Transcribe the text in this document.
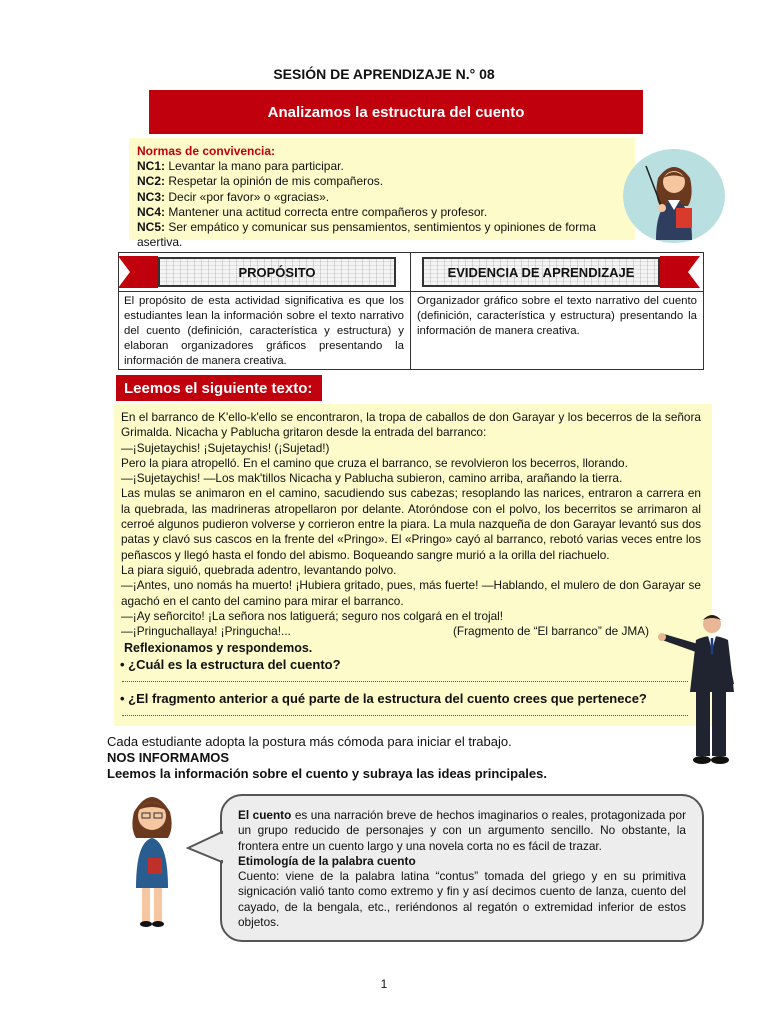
SESIÓN DE APRENDIZAJE N.° 08
Analizamos la estructura del cuento
Normas de convivencia:
NC1: Levantar la mano para participar.
NC2: Respetar la opinión de mis compañeros.
NC3: Decir «por favor» o «gracias».
NC4: Mantener una actitud correcta entre compañeros y profesor.
NC5: Ser empático y comunicar sus pensamientos, sentimientos y opiniones de forma asertiva.
PROPÓSITO	EVIDENCIA DE APRENDIZAJE
El propósito de esta actividad significativa es que los estudiantes lean la información sobre el texto narrativo del cuento (definición, característica y estructura) y elaboran organizadores gráficos presentando la información de manera creativa.
Organizador gráfico sobre el texto narrativo del cuento (definición, característica y estructura) presentando la información de manera creativa.
Leemos el siguiente texto:

En el barranco de K'ello-k'ello se encontraron, la tropa de caballos de don Garayar y los becerros de la señora Grimalda. Nicacha y Pablucha gritaron desde la entrada del barranco:

—¡Sujetaychis! ¡Sujetaychis! (¡Sujetad!)

Pero la piara atropelló. En el camino que cruza el barranco, se revolvieron los becerros, llorando.

—¡Sujetaychis! —Los mak'tillos Nicacha y Pablucha subieron, camino arriba, arañando la tierra.

Las mulas se animaron en el camino, sacudiendo sus cabezas; resoplando las narices, entraron a carrera en la quebrada, las madrineras atropellaron por delante. Atoróndose con el polvo, los becerritos se arrimaron al cerroé algunos pudieron volverse y corrieron entre la piara. La mula nazqueña de don Garayar levantó sus dos patas y clavó sus cascos en la frente del «Pringo». El «Pringo» cayó al barranco, rebotó varias veces entre los peñascos y llegó hasta el fondo del abismo. Boqueando sangre murió a la orilla del riachuelo.

La piara siguió, quebrada adentro, levantando polvo.

—¡Antes, uno nomás ha muerto! ¡Hubiera gritado, pues, más fuerte! —Hablando, el mulero de don Garayar se agachó en el canto del camino para mirar el barranco.

—¡Ay señorcito! ¡La señora nos latiguerá; seguro nos colgará en el trojal!

—¡Pringuchallaya! ¡Pringucha!...	(Fragmento de “El barranco” de JMA)

Reflexionamos y respondemos.
• ¿Cuál es la estructura del cuento?
• ¿El fragmento anterior a qué parte de la estructura del cuento crees que pertenece?
Cada estudiante adopta la postura más cómoda para iniciar el trabajo.
NOS INFORMAMOS
Leemos la información sobre el cuento y subraya las ideas principales.

El cuento es una narración breve de hechos imaginarios o reales, protagonizada por un grupo reducido de personajes y con un argumento sencillo. No obstante, la frontera entre un cuento largo y una novela corta no es fácil de trazar.

Etimología de la palabra cuento

Cuento: viene de la palabra latina “contus” tomada del griego y en su primitiva signicación valió tanto como extremo y fin y así decimos cuento de lanza, cuento del cayado, de la bengala, etc., reriéndonos al regatón o extremidad inferior de estos objetos.

1
